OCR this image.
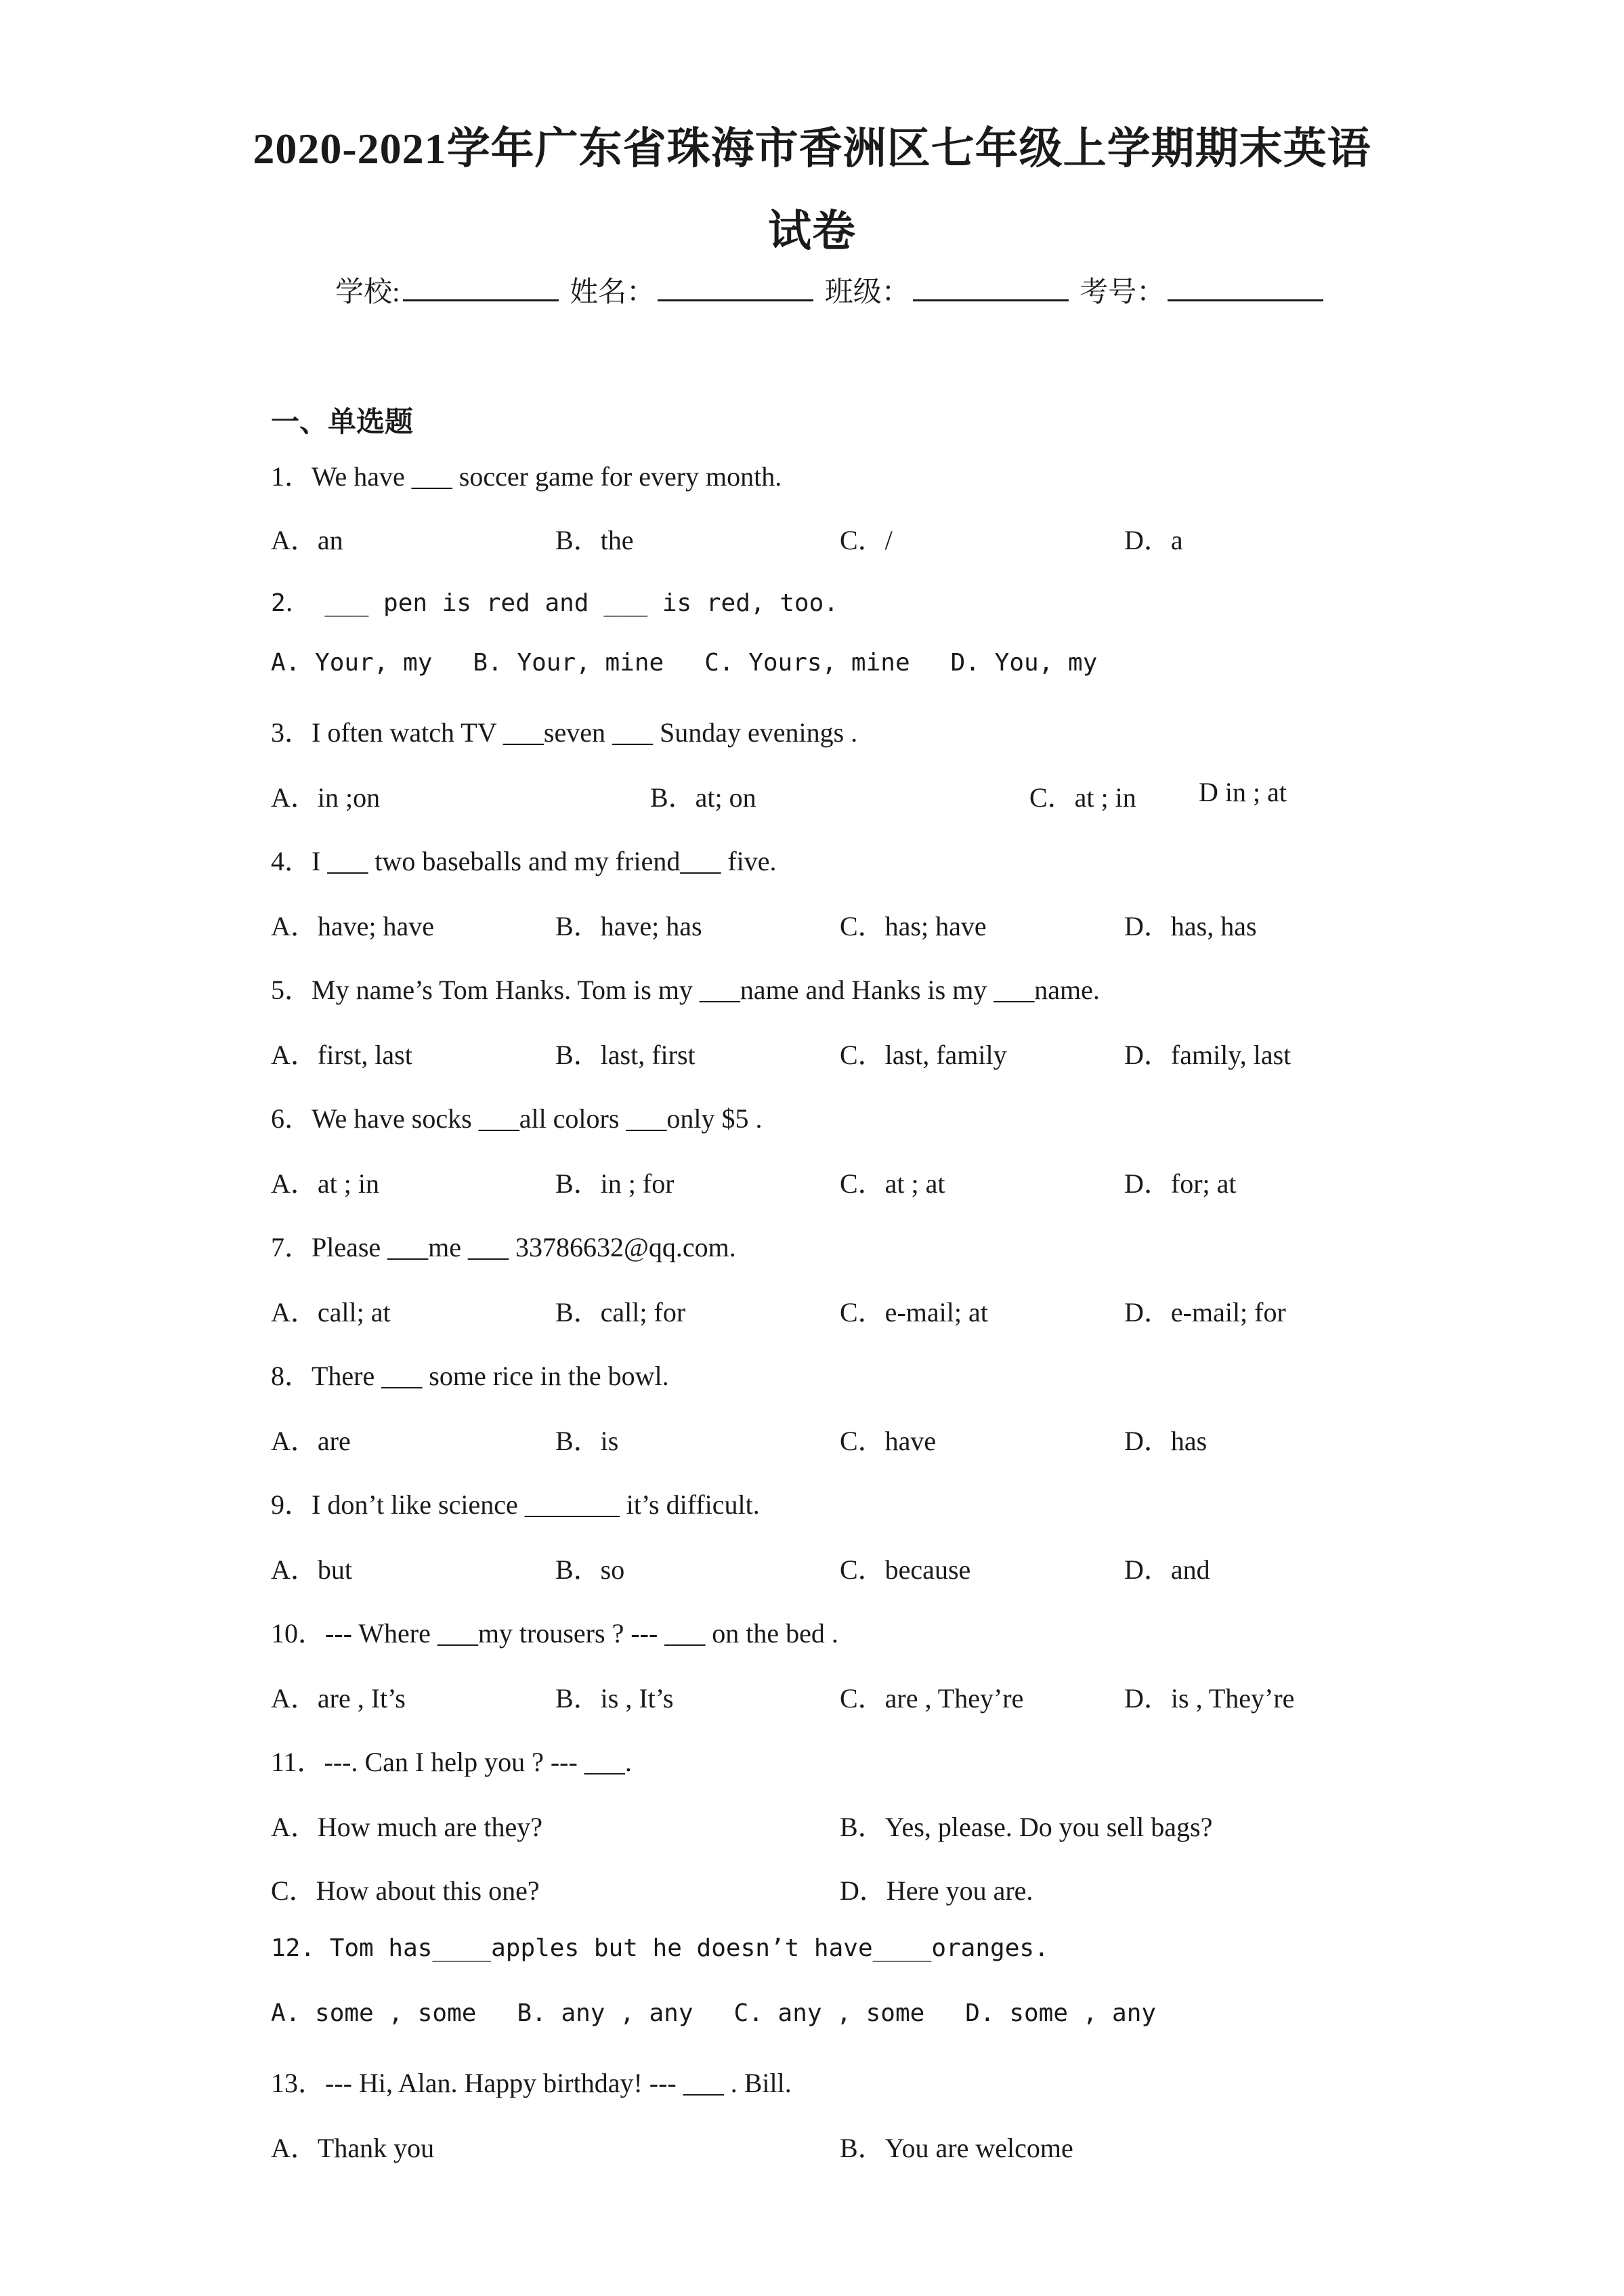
2020-2021学年广东省珠海市香洲区七年级上学期期末英语
试卷
学校:	姓名：	班级：	考号：
一、单选题
1．We have ___ soccer game for every month.
A．an	B．the	C．/	D．a
2． ___ pen is red and ___ is red, too.
A. Your, my B. Your, mine C. Yours, mine D. You, my
3．I often watch TV ___seven ___ Sunday evenings .
A．in ;on	B．at; on	C．at ; in D in ; at
4．I ___ two baseballs and my friend___ five.
A．have; have	B．have; has	C．has; have	D．has, has
5．My name’s Tom Hanks. Tom is my ___name and Hanks is my ___name.
A．first, last	B．last, first	C．last, family	D．family, last
6．We have socks ___all colors ___only $5 .
A．at ; in	B．in ; for	C．at ; at	D．for; at
7．Please ___me ___ 33786632@qq.com.
A．call; at	B．call; for	C．e-mail; at	D．e-mail; for
8．There ___ some rice in the bowl.
A．are	B．is	C．have	D．has
9．I don’t like science _______ it’s difficult.
A．but	B．so	C．because	D．and
10．--- Where ___my trousers ? --- ___ on the bed .
A．are , It’s	B．is , It’s	C．are , They’re	D．is , They’re
11．---. Can I help you ? --- ___.
A．How much are they?	B．Yes, please. Do you sell bags?
C．How about this one?	D．Here you are.
12. Tom has____apples but he doesn’t have____oranges.
A. some , some B. any , any C. any , some D. some , any
13．--- Hi, Alan. Happy birthday! --- ___ . Bill.
A．Thank you	B．You are welcome
